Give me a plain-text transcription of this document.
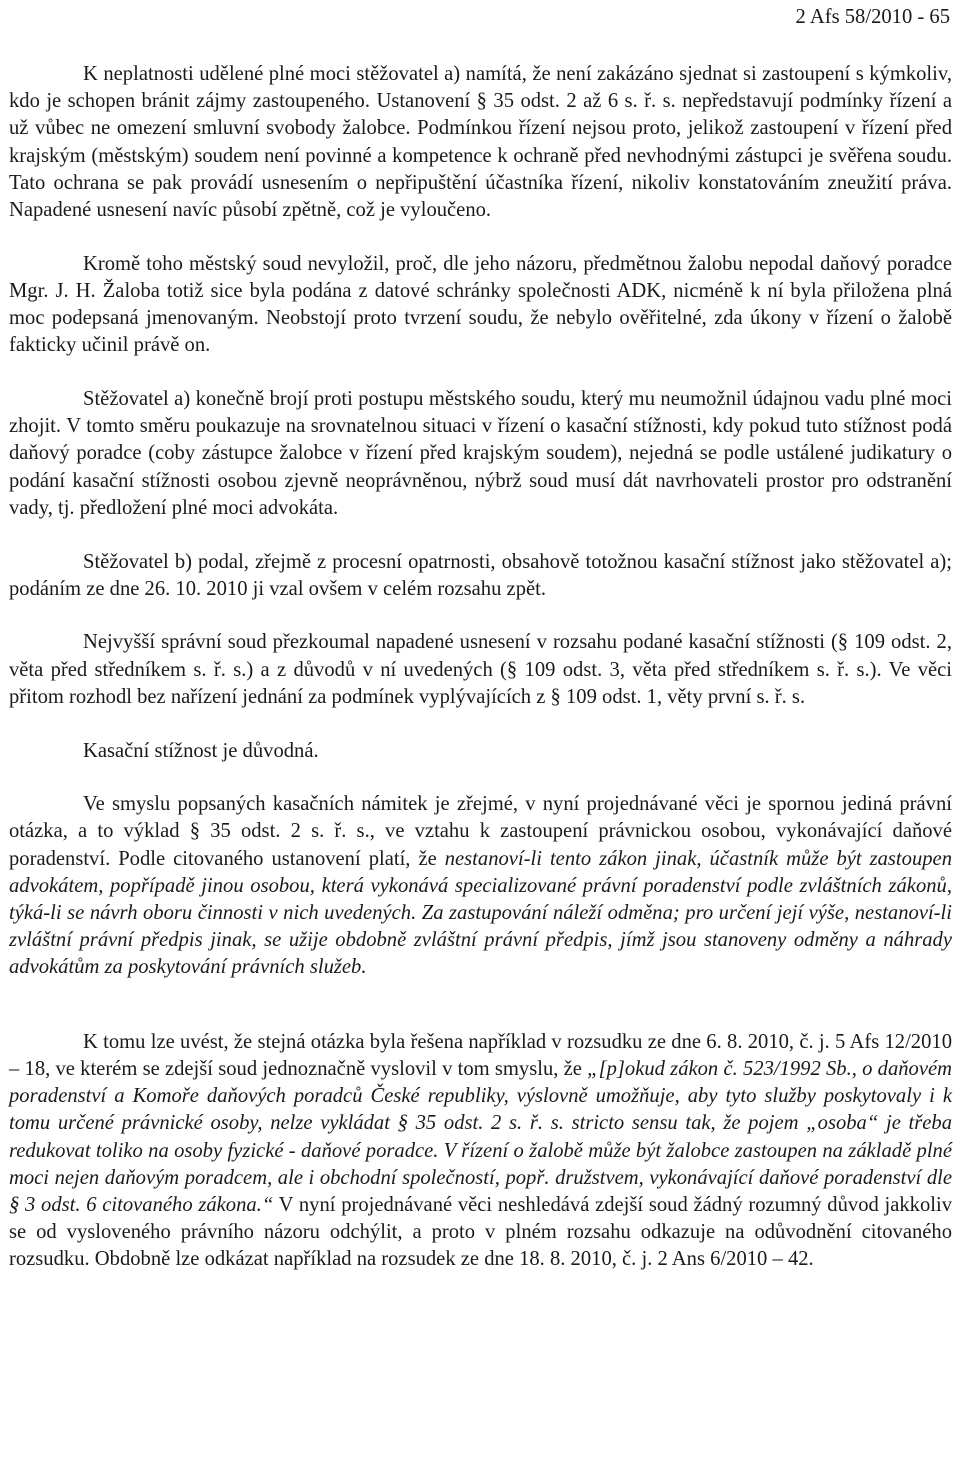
2 Afs 58/2010 - 65

K neplatnosti udělené plné moci stěžovatel a) namítá, že není zakázáno sjednat si zastoupení s kýmkoliv, kdo je schopen bránit zájmy zastoupeného. Ustanovení § 35 odst. 2 až 6 s. ř. s. nepředstavují podmínky řízení a už vůbec ne omezení smluvní svobody žalobce. Podmínkou řízení nejsou proto, jelikož zastoupení v řízení před krajským (městským) soudem není povinné a kompetence k ochraně před nevhodnými zástupci je svěřena soudu. Tato ochrana se pak provádí usnesením o nepřipuštění účastníka řízení, nikoliv konstatováním zneužití práva. Napadené usnesení navíc působí zpětně, což je vyloučeno.

Kromě toho městský soud nevyložil, proč, dle jeho názoru, předmětnou žalobu nepodal daňový poradce Mgr. J. H. Žaloba totiž sice byla podána z datové schránky společnosti ADK, nicméně k ní byla přiložena plná moc podepsaná jmenovaným. Neobstojí proto tvrzení soudu, že nebylo ověřitelné, zda úkony v řízení o žalobě fakticky učinil právě on.

Stěžovatel a) konečně brojí proti postupu městského soudu, který mu neumožnil údajnou vadu plné moci zhojit. V tomto směru poukazuje na srovnatelnou situaci v řízení o kasační stížnosti, kdy pokud tuto stížnost podá daňový poradce (coby zástupce žalobce v řízení před krajským soudem), nejedná se podle ustálené judikatury o podání kasační stížnosti osobou zjevně neoprávněnou, nýbrž soud musí dát navrhovateli prostor pro odstranění vady, tj. předložení plné moci advokáta.

Stěžovatel b) podal, zřejmě z procesní opatrnosti, obsahově totožnou kasační stížnost jako stěžovatel a); podáním ze dne 26. 10. 2010 ji vzal ovšem v celém rozsahu zpět.

Nejvyšší správní soud přezkoumal napadené usnesení v rozsahu podané kasační stížnosti (§ 109 odst. 2, věta před středníkem s. ř. s.) a z důvodů v ní uvedených (§ 109 odst. 3, věta před středníkem s. ř. s.). Ve věci přitom rozhodl bez nařízení jednání za podmínek vyplývajících z § 109 odst. 1, věty první s. ř. s.

Kasační stížnost je důvodná.

Ve smyslu popsaných kasačních námitek je zřejmé, v nyní projednávané věci je spornou jediná právní otázka, a to výklad § 35 odst. 2 s. ř. s., ve vztahu k zastoupení právnickou osobou, vykonávající daňové poradenství. Podle citovaného ustanovení platí, že nestanoví-li tento zákon jinak, účastník může být zastoupen advokátem, popřípadě jinou osobou, která vykonává specializované právní poradenství podle zvláštních zákonů, týká-li se návrh oboru činnosti v nich uvedených. Za zastupování náleží odměna; pro určení její výše, nestanoví-li zvláštní právní předpis jinak, se užije obdobně zvláštní právní předpis, jímž jsou stanoveny odměny a náhrady advokátům za poskytování právních služeb.

K tomu lze uvést, že stejná otázka byla řešena například v rozsudku ze dne 6. 8. 2010, č. j. 5 Afs 12/2010 – 18, ve kterém se zdejší soud jednoznačně vyslovil v tom smyslu, že „[p]okud zákon č. 523/1992 Sb., o daňovém poradenství a Komoře daňových poradců České republiky, výslovně umožňuje, aby tyto služby poskytovaly i k tomu určené právnické osoby, nelze vykládat § 35 odst. 2 s. ř. s. stricto sensu tak, že pojem „osoba“ je třeba redukovat toliko na osoby fyzické - daňové poradce. V řízení o žalobě může být žalobce zastoupen na základě plné moci nejen daňovým poradcem, ale i obchodní společností, popř. družstvem, vykonávající daňové poradenství dle § 3 odst. 6 citovaného zákona.“ V nyní projednávané věci neshledává zdejší soud žádný rozumný důvod jakkoliv se od vysloveného právního názoru odchýlit, a proto v plném rozsahu odkazuje na odůvodnění citovaného rozsudku. Obdobně lze odkázat například na rozsudek ze dne 18. 8. 2010, č. j. 2 Ans 6/2010 – 42.
